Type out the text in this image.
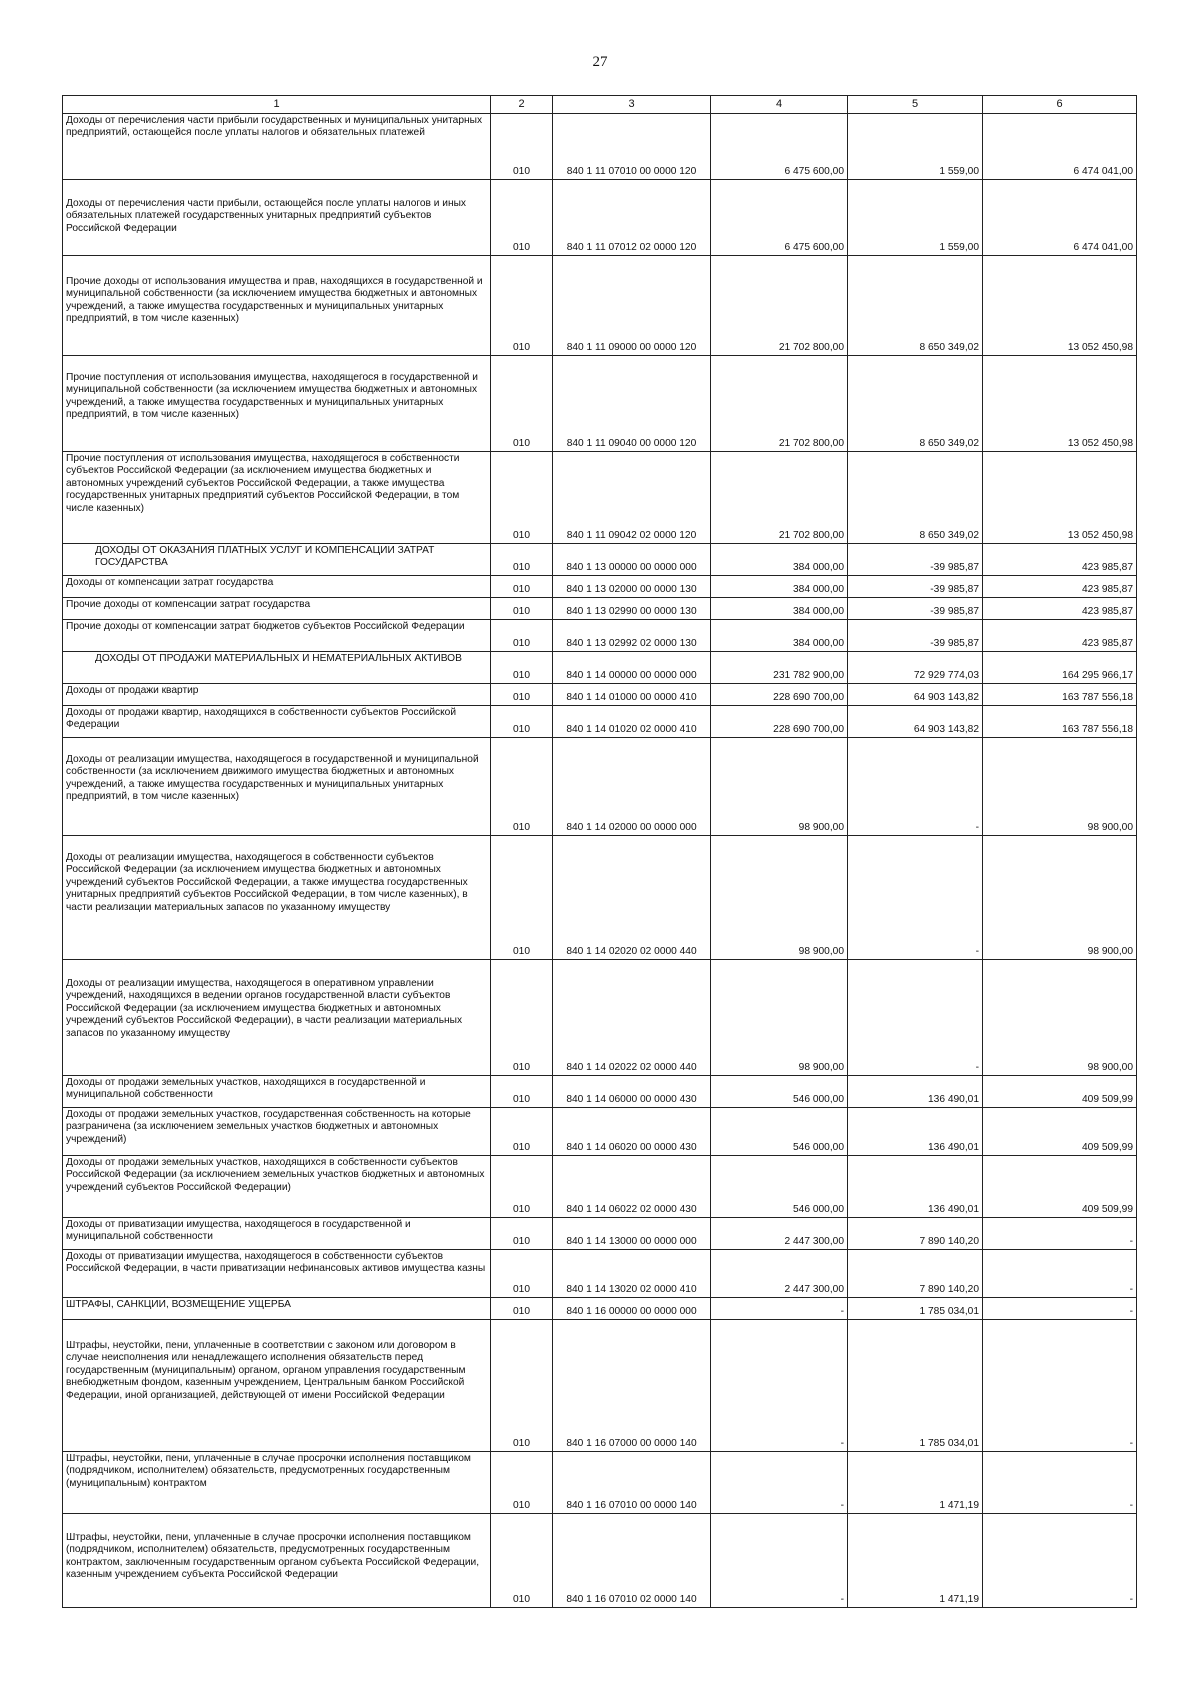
27
1	2	3	4	5	6
Доходы от перечисления части прибыли государственных и муниципальных унитарных предприятий, остающейся после уплаты налогов и обязательных платежей	010	840 1 11 07010 00 0000 120	6 475 600,00	1 559,00	6 474 041,00
Доходы от перечисления части прибыли, остающейся после уплаты налогов и иных обязательных платежей государственных унитарных предприятий субъектов Российской Федерации	010	840 1 11 07012 02 0000 120	6 475 600,00	1 559,00	6 474 041,00
Прочие доходы от использования имущества и прав, находящихся в государственной и муниципальной собственности (за исключением имущества бюджетных и автономных учреждений, а также имущества государственных и муниципальных унитарных предприятий, в том числе казенных)	010	840 1 11 09000 00 0000 120	21 702 800,00	8 650 349,02	13 052 450,98
Прочие поступления от использования имущества, находящегося в государственной и муниципальной собственности (за исключением имущества бюджетных и автономных учреждений, а также имущества государственных и муниципальных унитарных предприятий, в том числе казенных)	010	840 1 11 09040 00 0000 120	21 702 800,00	8 650 349,02	13 052 450,98
Прочие поступления от использования имущества, находящегося в собственности субъектов Российской Федерации (за исключением имущества бюджетных и автономных учреждений субъектов Российской Федерации, а также имущества государственных унитарных предприятий субъектов Российской Федерации, в том числе казенных)	010	840 1 11 09042 02 0000 120	21 702 800,00	8 650 349,02	13 052 450,98
ДОХОДЫ ОТ ОКАЗАНИЯ ПЛАТНЫХ УСЛУГ И КОМПЕНСАЦИИ ЗАТРАТ ГОСУДАРСТВА	010	840 1 13 00000 00 0000 000	384 000,00	-39 985,87	423 985,87
Доходы от компенсации затрат государства	010	840 1 13 02000 00 0000 130	384 000,00	-39 985,87	423 985,87
Прочие доходы от компенсации затрат государства	010	840 1 13 02990 00 0000 130	384 000,00	-39 985,87	423 985,87
Прочие доходы от компенсации затрат бюджетов субъектов Российской Федерации	010	840 1 13 02992 02 0000 130	384 000,00	-39 985,87	423 985,87
ДОХОДЫ ОТ ПРОДАЖИ МАТЕРИАЛЬНЫХ И НЕМАТЕРИАЛЬНЫХ АКТИВОВ	010	840 1 14 00000 00 0000 000	231 782 900,00	72 929 774,03	164 295 966,17
Доходы от продажи квартир	010	840 1 14 01000 00 0000 410	228 690 700,00	64 903 143,82	163 787 556,18
Доходы от продажи квартир, находящихся в собственности субъектов Российской Федерации	010	840 1 14 01020 02 0000 410	228 690 700,00	64 903 143,82	163 787 556,18
Доходы от реализации имущества, находящегося в государственной и муниципальной собственности (за исключением движимого имущества бюджетных и автономных учреждений, а также имущества государственных и муниципальных унитарных предприятий, в том числе казенных)	010	840 1 14 02000 00 0000 000	98 900,00	-	98 900,00
Доходы от реализации имущества, находящегося в собственности субъектов Российской Федерации (за исключением имущества бюджетных и автономных учреждений субъектов Российской Федерации, а также имущества государственных унитарных предприятий субъектов Российской Федерации, в том числе казенных), в части реализации материальных запасов по указанному имуществу	010	840 1 14 02020 02 0000 440	98 900,00	-	98 900,00
Доходы от реализации имущества, находящегося в оперативном управлении учреждений, находящихся в ведении органов государственной власти субъектов Российской Федерации (за исключением имущества бюджетных и автономных учреждений субъектов Российской Федерации), в части реализации материальных запасов по указанному имуществу	010	840 1 14 02022 02 0000 440	98 900,00	-	98 900,00
Доходы от продажи земельных участков, находящихся в государственной и муниципальной собственности	010	840 1 14 06000 00 0000 430	546 000,00	136 490,01	409 509,99
Доходы от продажи земельных участков, государственная собственность на которые разграничена (за исключением земельных участков бюджетных и автономных учреждений)	010	840 1 14 06020 00 0000 430	546 000,00	136 490,01	409 509,99
Доходы от продажи земельных участков, находящихся в собственности субъектов Российской Федерации (за исключением земельных участков бюджетных и автономных учреждений субъектов Российской Федерации)	010	840 1 14 06022 02 0000 430	546 000,00	136 490,01	409 509,99
Доходы от приватизации имущества, находящегося в государственной и муниципальной собственности	010	840 1 14 13000 00 0000 000	2 447 300,00	7 890 140,20	-
Доходы от приватизации имущества, находящегося в собственности субъектов Российской Федерации, в части приватизации нефинансовых активов имущества казны	010	840 1 14 13020 02 0000 410	2 447 300,00	7 890 140,20	-
ШТРАФЫ, САНКЦИИ, ВОЗМЕЩЕНИЕ УЩЕРБА	010	840 1 16 00000 00 0000 000	-	1 785 034,01	-
Штрафы, неустойки, пени, уплаченные в соответствии с законом или договором в случае неисполнения или ненадлежащего исполнения обязательств перед государственным (муниципальным) органом, органом управления государственным внебюджетным фондом, казенным учреждением, Центральным банком Российской Федерации, иной организацией, действующей от имени Российской Федерации	010	840 1 16 07000 00 0000 140	-	1 785 034,01	-
Штрафы, неустойки, пени, уплаченные в случае просрочки исполнения поставщиком (подрядчиком, исполнителем) обязательств, предусмотренных государственным (муниципальным) контрактом	010	840 1 16 07010 00 0000 140	-	1 471,19	-
Штрафы, неустойки, пени, уплаченные в случае просрочки исполнения поставщиком (подрядчиком, исполнителем) обязательств, предусмотренных государственным контрактом, заключенным государственным органом субъекта Российской Федерации, казенным учреждением субъекта Российской Федерации	010	840 1 16 07010 02 0000 140	-	1 471,19	-
